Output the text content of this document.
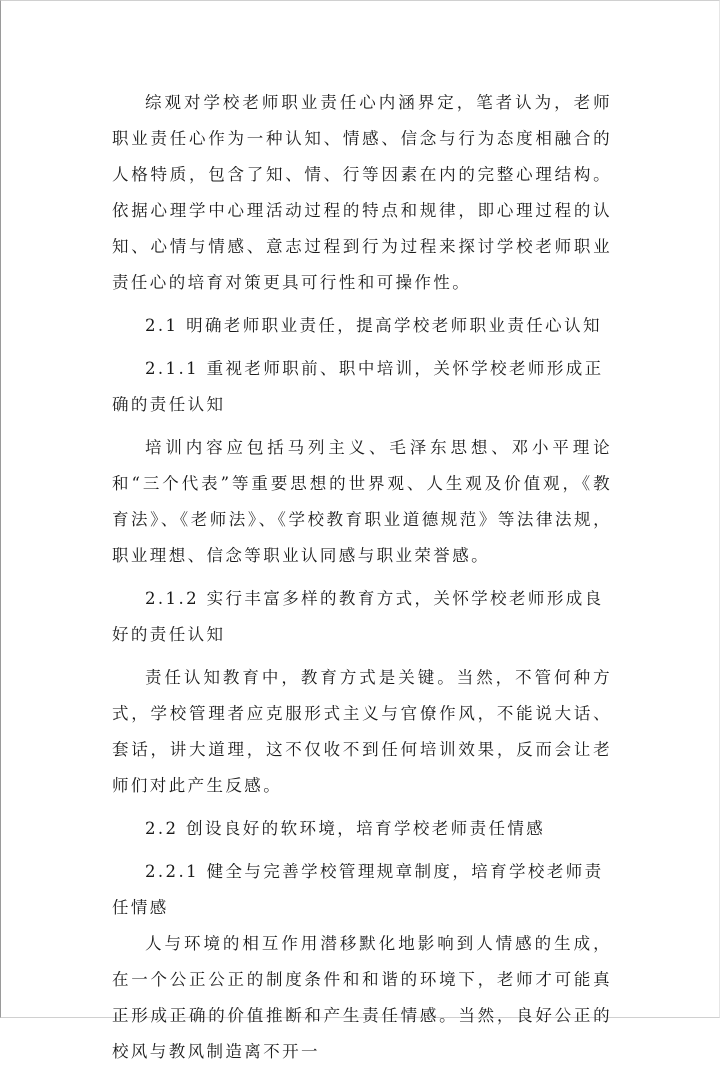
综观对学校老师职业责任心内涵界定，笔者认为，老师职业责任心作为一种认知、情感、信念与行为态度相融合的人格特质，包含了知、情、行等因素在内的完整心理结构。依据心理学中心理活动过程的特点和规律，即心理过程的认知、心情与情感、意志过程到行为过程来探讨学校老师职业责任心的培育对策更具可行性和可操作性。

2.1 明确老师职业责任，提高学校老师职业责任心认知

2.1.1 重视老师职前、职中培训，关怀学校老师形成正确的责任认知

培训内容应包括马列主义、毛泽东思想、邓小平理论和“三个代表”等重要思想的世界观、人生观及价值观，《教育法》、《老师法》、《学校教育职业道德规范》等法律法规，职业理想、信念等职业认同感与职业荣誉感。

2.1.2 实行丰富多样的教育方式，关怀学校老师形成良好的责任认知

责任认知教育中，教育方式是关键。当然，不管何种方式，学校管理者应克服形式主义与官僚作风，不能说大话、套话，讲大道理，这不仅收不到任何培训效果，反而会让老师们对此产生反感。

2.2 创设良好的软环境，培育学校老师责任情感

2.2.1 健全与完善学校管理规章制度，培育学校老师责任情感

人与环境的相互作用潜移默化地影响到人情感的生成，在一个公正公正的制度条件和和谐的环境下，老师才可能真正形成正确的价值推断和产生责任情感。当然，良好公正的校风与教风制造离不开一
